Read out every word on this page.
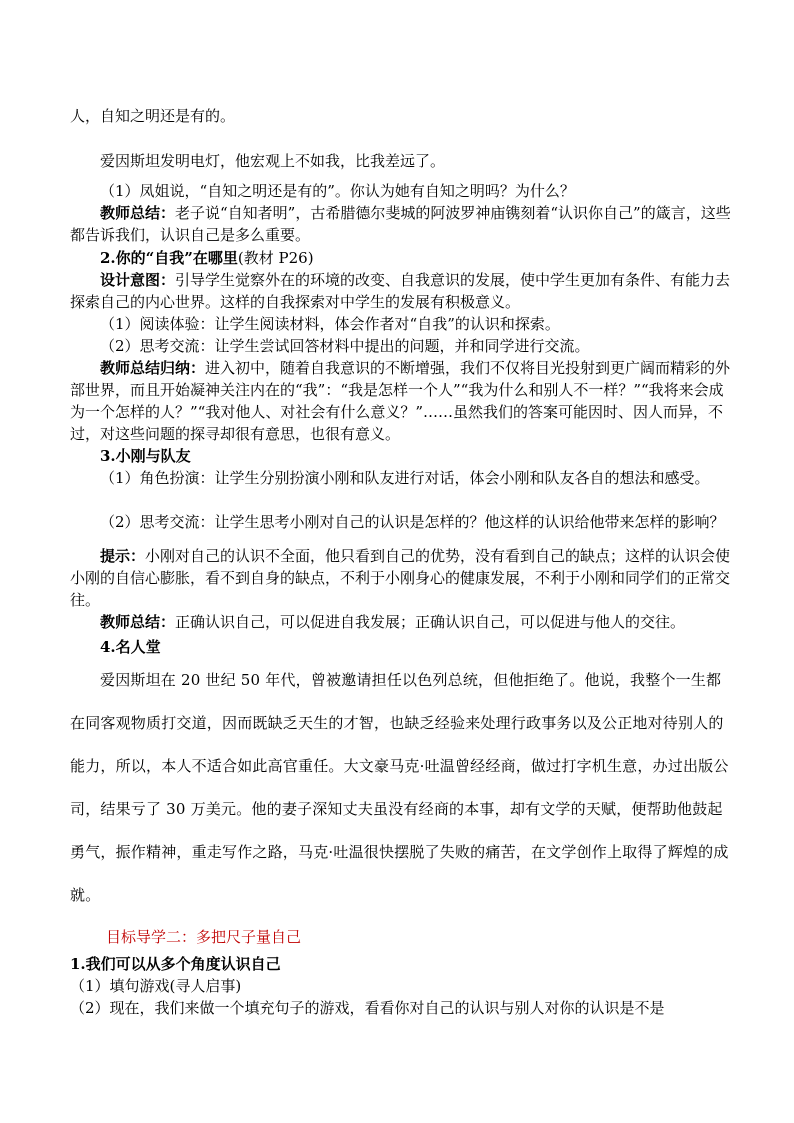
人，自知之明还是有的。

爱因斯坦发明电灯，他宏观上不如我，比我差远了。

（1）凤姐说，“自知之明还是有的”。你认为她有自知之明吗？为什么？

教师总结：老子说“自知者明”，古希腊德尔斐城的阿波罗神庙镌刻着“认识你自己”的箴言，这些都告诉我们，认识自己是多么重要。

2.你的“自我”在哪里(教材 P26)

设计意图：引导学生觉察外在的环境的改变、自我意识的发展，使中学生更加有条件、有能力去探索自己的内心世界。这样的自我探索对中学生的发展有积极意义。

（1）阅读体验：让学生阅读材料，体会作者对“自我”的认识和探索。

（2）思考交流：让学生尝试回答材料中提出的问题，并和同学进行交流。

教师总结归纳：进入初中，随着自我意识的不断增强，我们不仅将目光投射到更广阔而精彩的外部世界，而且开始凝神关注内在的“我”：“我是怎样一个人”“我为什么和别人不一样？”“我将来会成为一个怎样的人？”“我对他人、对社会有什么意义？”……虽然我们的答案可能因时、因人而异，不过，对这些问题的探寻却很有意思，也很有意义。

3.小刚与队友

（1）角色扮演：让学生分别扮演小刚和队友进行对话，体会小刚和队友各自的想法和感受。

（2）思考交流：让学生思考小刚对自己的认识是怎样的？他这样的认识给他带来怎样的影响？

提示：小刚对自己的认识不全面，他只看到自己的优势，没有看到自己的缺点；这样的认识会使小刚的自信心膨胀，看不到自身的缺点，不利于小刚身心的健康发展，不利于小刚和同学们的正常交往。

教师总结：正确认识自己，可以促进自我发展；正确认识自己，可以促进与他人的交往。

4.名人堂

爱因斯坦在 20 世纪 50 年代，曾被邀请担任以色列总统，但他拒绝了。他说，我整个一生都在同客观物质打交道，因而既缺乏天生的才智，也缺乏经验来处理行政事务以及公正地对待别人的能力，所以，本人不适合如此高官重任。大文豪马克·吐温曾经经商，做过打字机生意，办过出版公司，结果亏了 30 万美元。他的妻子深知丈夫虽没有经商的本事，却有文学的天赋，便帮助他鼓起勇气，振作精神，重走写作之路，马克·吐温很快摆脱了失败的痛苦，在文学创作上取得了辉煌的成就。

目标导学二：多把尺子量自己

1.我们可以从多个角度认识自己

（1）填句游戏(寻人启事)

（2）现在，我们来做一个填充句子的游戏，看看你对自己的认识与别人对你的认识是不是
